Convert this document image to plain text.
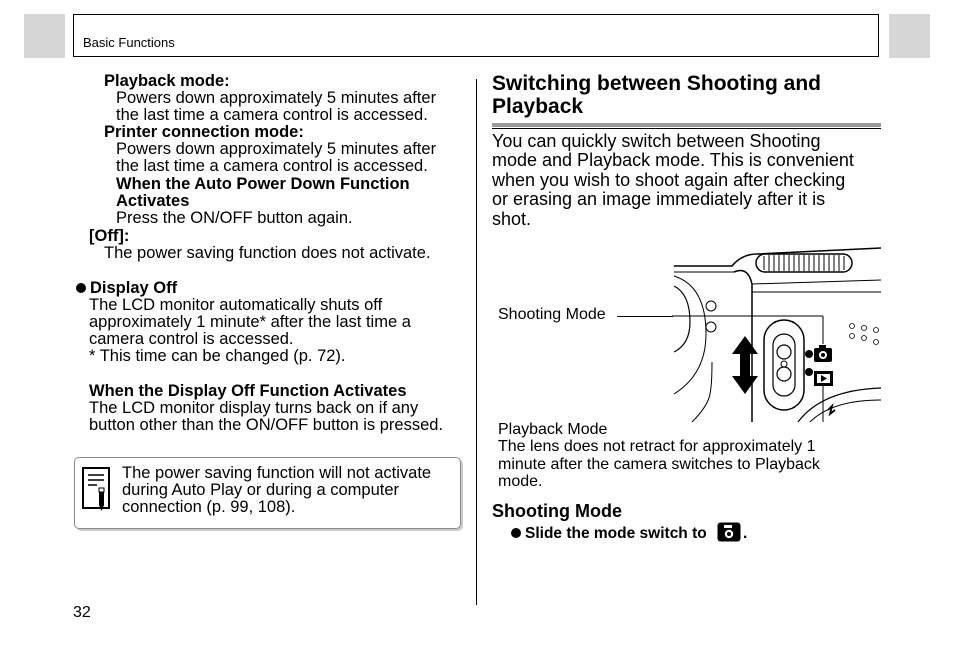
Basic Functions
Playback mode:
Powers down approximately 5 minutes after
the last time a camera control is accessed.
Printer connection mode:
Powers down approximately 5 minutes after
the last time a camera control is accessed.
When the Auto Power Down Function
Activates
Press the ON/OFF button again.
[Off]:
The power saving function does not activate.
Display Off
The LCD monitor automatically shuts off
approximately 1 minute* after the last time a
camera control is accessed.
* This time can be changed (p. 72).
When the Display Off Function Activates
The LCD monitor display turns back on if any
button other than the ON/OFF button is pressed.
The power saving function will not activate
during Auto Play or during a computer
connection (p. 99, 108).
Switching between Shooting and
Playback
You can quickly switch between Shooting
mode and Playback mode. This is convenient
when you wish to shoot again after checking
or erasing an image immediately after it is
shot.
Shooting Mode
Playback Mode
The lens does not retract for approximately 1
minute after the camera switches to Playback
mode.
Shooting Mode
Slide the mode switch to .
32
